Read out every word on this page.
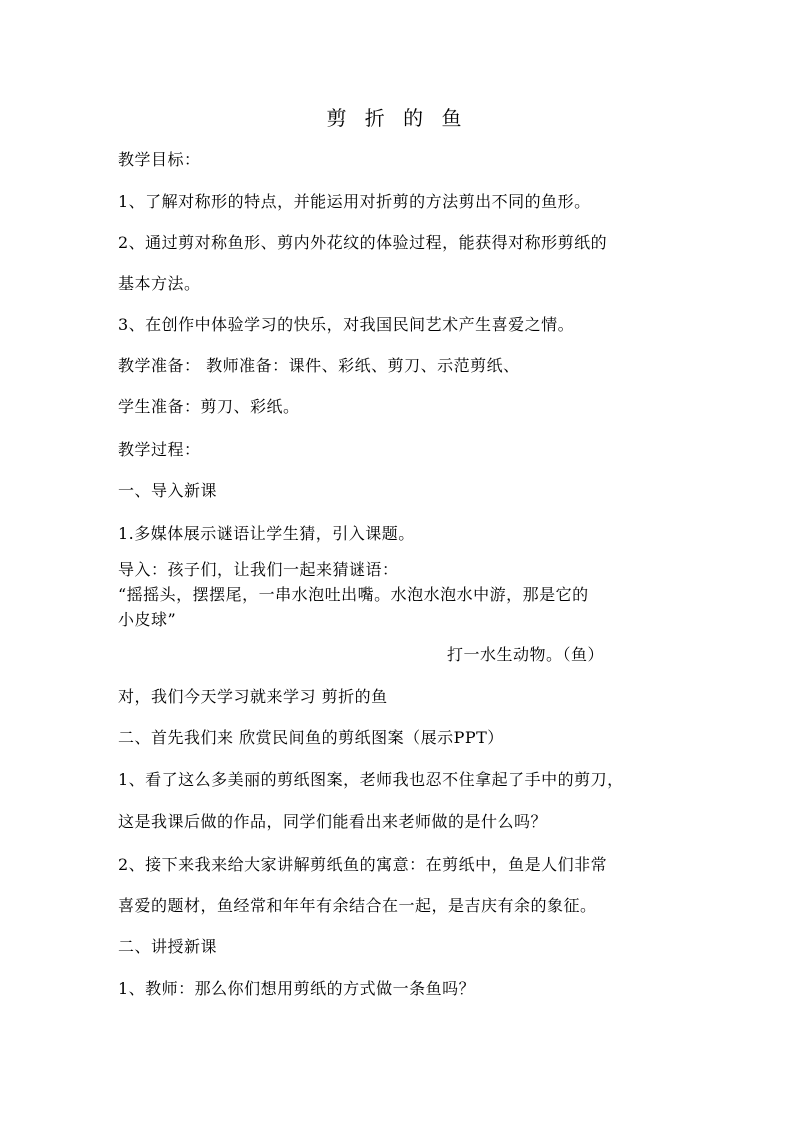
剪 折 的 鱼
教学目标：
1、了解对称形的特点，并能运用对折剪的方法剪出不同的鱼形。
2、通过剪对称鱼形、剪内外花纹的体验过程，能获得对称形剪纸的
基本方法。
3、在创作中体验学习的快乐，对我国民间艺术产生喜爱之情。
教学准备： 教师准备：课件、彩纸、剪刀、示范剪纸、
学生准备：剪刀、彩纸。
教学过程：
一、导入新课
1.多媒体展示谜语让学生猜，引入课题。
导入：孩子们，让我们一起来猜谜语：
“摇摇头，摆摆尾，一串水泡吐出嘴。水泡水泡水中游，那是它的
小皮球”
打一水生动物。（鱼）
对，我们今天学习就来学习 剪折的鱼
二、首先我们来 欣赏民间鱼的剪纸图案（展示PPT）
1、看了这么多美丽的剪纸图案，老师我也忍不住拿起了手中的剪刀，
这是我课后做的作品，同学们能看出来老师做的是什么吗？
2、接下来我来给大家讲解剪纸鱼的寓意：在剪纸中，鱼是人们非常
喜爱的题材，鱼经常和年年有余结合在一起，是吉庆有余的象征。
二、讲授新课
1、教师：那么你们想用剪纸的方式做一条鱼吗？
